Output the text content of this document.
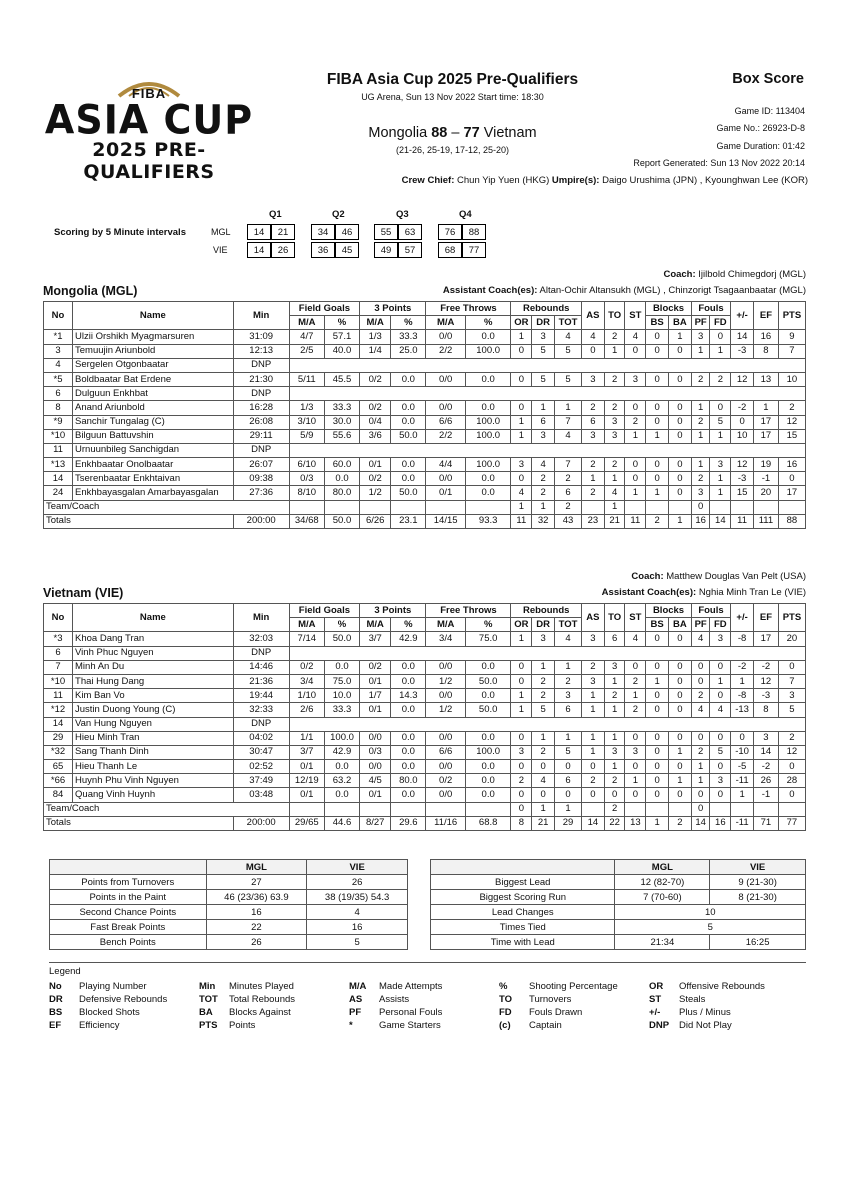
FIBA
ASIA CUP
2025 PRE-QUALIFIERS
FIBA Asia Cup 2025 Pre-Qualifiers
UG Arena, Sun 13 Nov 2022 Start time: 18:30
Box Score
Game ID: 113404
Game No.: 26923-D-8
Game Duration: 01:42
Report Generated: Sun 13 Nov 2022 20:14
Mongolia 88 – 77 Vietnam
(21-26, 25-19, 17-12, 25-20)
Crew Chief: Chun Yip Yuen (HKG) Umpire(s): Daigo Urushima (JPN) , Kyounghwan Lee (KOR)
Q1	Q2	Q3	Q4
Scoring by 5 Minute intervals	MGL
VIE
14	21	34	46	55	63	76	88
14	26	36	45	49	57	68	77
Coach: Ijilbold Chimegdorj (MGL)
Mongolia (MGL)	Assistant Coach(es): Altan-Ochir Altansukh (MGL) , Chinzorigt Tsagaanbaatar (MGL)
No	Name	Min	Field Goals		3 Points		Free Throws		Rebounds			AS	TO	ST	Blocks		Fouls		+/-	EF	PTS
			M/A	%	M/A	%	M/A	%	OR	DR	TOT				BS	BA	PF	FD			
*1	Ulzii Orshikh Myagmarsuren	31:09	4/7	57.1	1/3	33.3	0/0	0.0	1	3	4	4	2	4	0	1	3	0	14	16	9
3	Temuujin Ariunbold	12:13	2/5	40.0	1/4	25.0	2/2	100.0	0	5	5	0	1	0	0	0	1	1	-3	8	7
4	Sergelen Otgonbaatar	DNP																			
*5	Boldbaatar Bat Erdene	21:30	5/11	45.5	0/2	0.0	0/0	0.0	0	5	5	3	2	3	0	0	2	2	12	13	10
6	Dulguun Enkhbat	DNP																			
8	Anand Ariunbold	16:28	1/3	33.3	0/2	0.0	0/0	0.0	0	1	1	2	2	0	0	0	1	0	-2	1	2
*9	Sanchir Tungalag (C)	26:08	3/10	30.0	0/4	0.0	6/6	100.0	1	6	7	6	3	2	0	0	2	5	0	17	12
*10	Bilguun Battuvshin	29:11	5/9	55.6	3/6	50.0	2/2	100.0	1	3	4	3	3	1	1	0	1	1	10	17	15
11	Urnuunbileg Sanchigdan	DNP																			
*13	Enkhbaatar Onolbaatar	26:07	6/10	60.0	0/1	0.0	4/4	100.0	3	4	7	2	2	0	0	0	1	3	12	19	16
14	Tserenbaatar Enkhtaivan	09:38	0/3	0.0	0/2	0.0	0/0	0.0	0	2	2	1	1	0	0	0	2	1	-3	-1	0
24	Enkhbayasgalan Amarbayasgalan	27:36	8/10	80.0	1/2	50.0	0/1	0.0	4	2	6	2	4	1	1	0	3	1	15	20	17
Team/Coach									1	1	2		1				0				
Totals		200:00	34/68	50.0	6/26	23.1	14/15	93.3	11	32	43	23	21	11	2	1	16	14	11	111	88
Coach: Matthew Douglas Van Pelt (USA)
Vietnam (VIE)	Assistant Coach(es): Nghia Minh Tran Le (VIE)
No	Name	Min	Field Goals		3 Points		Free Throws		Rebounds			AS	TO	ST	Blocks		Fouls		+/-	EF	PTS
			M/A	%	M/A	%	M/A	%	OR	DR	TOT				BS	BA	PF	FD			
*3	Khoa Dang Tran	32:03	7/14	50.0	3/7	42.9	3/4	75.0	1	3	4	3	6	4	0	0	4	3	-8	17	20
6	Vinh Phuc Nguyen	DNP																			
7	Minh An Du	14:46	0/2	0.0	0/2	0.0	0/0	0.0	0	1	1	2	3	0	0	0	0	0	-2	-2	0
*10	Thai Hung Dang	21:36	3/4	75.0	0/1	0.0	1/2	50.0	0	2	2	3	1	2	1	0	0	1	1	12	7
11	Kim Ban Vo	19:44	1/10	10.0	1/7	14.3	0/0	0.0	1	2	3	1	2	1	0	0	2	0	-8	-3	3
*12	Justin Duong Young (C)	32:33	2/6	33.3	0/1	0.0	1/2	50.0	1	5	6	1	1	2	0	0	4	4	-13	8	5
14	Van Hung Nguyen	DNP																			
29	Hieu Minh Tran	04:02	1/1	100.0	0/0	0.0	0/0	0.0	0	1	1	1	1	0	0	0	0	0	0	3	2
*32	Sang Thanh Dinh	30:47	3/7	42.9	0/3	0.0	6/6	100.0	3	2	5	1	3	3	0	1	2	5	-10	14	12
65	Hieu Thanh Le	02:52	0/1	0.0	0/0	0.0	0/0	0.0	0	0	0	0	1	0	0	0	1	0	-5	-2	0
*66	Huynh Phu Vinh Nguyen	37:49	12/19	63.2	4/5	80.0	0/2	0.0	2	4	6	2	2	1	0	1	1	3	-11	26	28
84	Quang Vinh Huynh	03:48	0/1	0.0	0/1	0.0	0/0	0.0	0	0	0	0	0	0	0	0	0	0	1	-1	0
Team/Coach									0	1	1		2				0				
Totals		200:00	29/65	44.6	8/27	29.6	11/16	68.8	8	21	29	14	22	13	1	2	14	16	-11	71	77
	MGL	VIE
Points from Turnovers	27	26
Points in the Paint	46 (23/36) 63.9	38 (19/35) 54.3
Second Chance Points	16	4
Fast Break Points	22	16
Bench Points	26	5
	MGL	VIE
Biggest Lead	12 (82-70)	9 (21-30)
Biggest Scoring Run	7 (70-60)	8 (21-30)
Lead Changes	10	
Times Tied	5	
Time with Lead	21:34	16:25
Legend
No Playing Number
DR Defensive Rebounds
BS Blocked Shots
EF Efficiency
Min Minutes Played
TOT Total Rebounds
BA Blocks Against
PTS Points
M/A Made Attempts
AS Assists
PF Personal Fouls
*	Game Starters
% Shooting Percentage
TO Turnovers
FD Fouls Drawn
(c) Captain
OR Offensive Rebounds
ST Steals
+/- Plus / Minus
DNP Did Not Play
